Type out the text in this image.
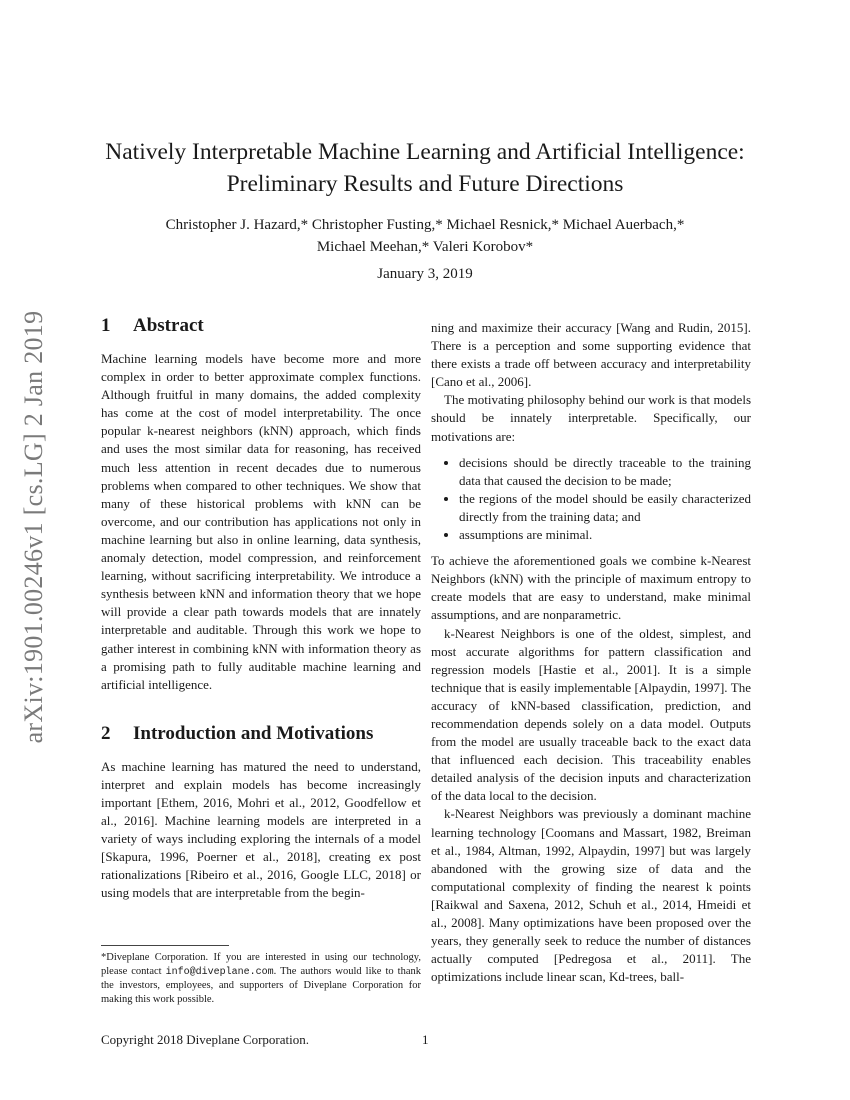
arXiv:1901.00246v1 [cs.LG] 2 Jan 2019
Natively Interpretable Machine Learning and Artificial Intelligence:
Preliminary Results and Future Directions
Christopher J. Hazard,* Christopher Fusting,* Michael Resnick,* Michael Auerbach,*
Michael Meehan,* Valeri Korobov*
January 3, 2019
1 Abstract

Machine learning models have become more and more complex in order to better approximate complex functions. Although fruitful in many domains, the added complexity has come at the cost of model interpretability. The once popular k-nearest neighbors (kNN) approach, which finds and uses the most similar data for reasoning, has received much less attention in recent decades due to numerous problems when compared to other techniques. We show that many of these historical problems with kNN can be overcome, and our contribution has applications not only in machine learning but also in online learning, data synthesis, anomaly detection, model compression, and reinforcement learning, without sacrificing interpretability. We introduce a synthesis between kNN and information theory that we hope will provide a clear path towards models that are innately interpretable and auditable. Through this work we hope to gather interest in combining kNN with information theory as a promising path to fully auditable machine learning and artificial intelligence.

2	Introduction and Motivations

As machine learning has matured the need to understand, interpret and explain models has become increasingly important [Ethem, 2016, Mohri et al., 2012, Goodfellow et al., 2016]. Machine learning models are interpreted in a variety of ways including exploring the internals of a model [Skapura, 1996, Poerner et al., 2018], creating ex post rationalizations [Ribeiro et al., 2016, Google LLC, 2018] or using models that are interpretable from the begin-

ning and maximize their accuracy [Wang and Rudin, 2015]. There is a perception and some supporting evidence that there exists a trade off between accuracy and interpretability [Cano et al., 2006].

The motivating philosophy behind our work is that models should be innately interpretable. Specifically, our motivations are:

• decisions should be directly traceable to the training data that caused the decision to be made;
• the regions of the model should be easily characterized directly from the training data; and
• assumptions are minimal.

To achieve the aforementioned goals we combine k-Nearest Neighbors (kNN) with the principle of maximum entropy to create models that are easy to understand, make minimal assumptions, and are nonparametric.

k-Nearest Neighbors is one of the oldest, simplest, and most accurate algorithms for pattern classification and regression models [Hastie et al., 2001]. It is a simple technique that is easily implementable [Alpaydin, 1997]. The accuracy of kNN-based classification, prediction, and recommendation depends solely on a data model. Outputs from the model are usually traceable back to the exact data that influenced each decision. This traceability enables detailed analysis of the decision inputs and characterization of the data local to the decision.

k-Nearest Neighbors was previously a dominant machine learning technology [Coomans and Massart, 1982, Breiman et al., 1984, Altman, 1992, Alpaydin, 1997] but was largely abandoned with the growing size of data and the computational complexity of finding the nearest k points [Raikwal and Saxena, 2012, Schuh et al., 2014, Hmeidi et al., 2008]. Many optimizations have been proposed over the years, they generally seek to reduce the number of distances actually computed [Pedregosa et al., 2011]. The optimizations include linear scan, Kd-trees, ball-

*Diveplane Corporation. If you are interested in using our technology, please contact info@diveplane.com. The authors would like to thank the investors, employees, and supporters of Diveplane Corporation for making this work possible.
Copyright 2018 Diveplane Corporation.	1
